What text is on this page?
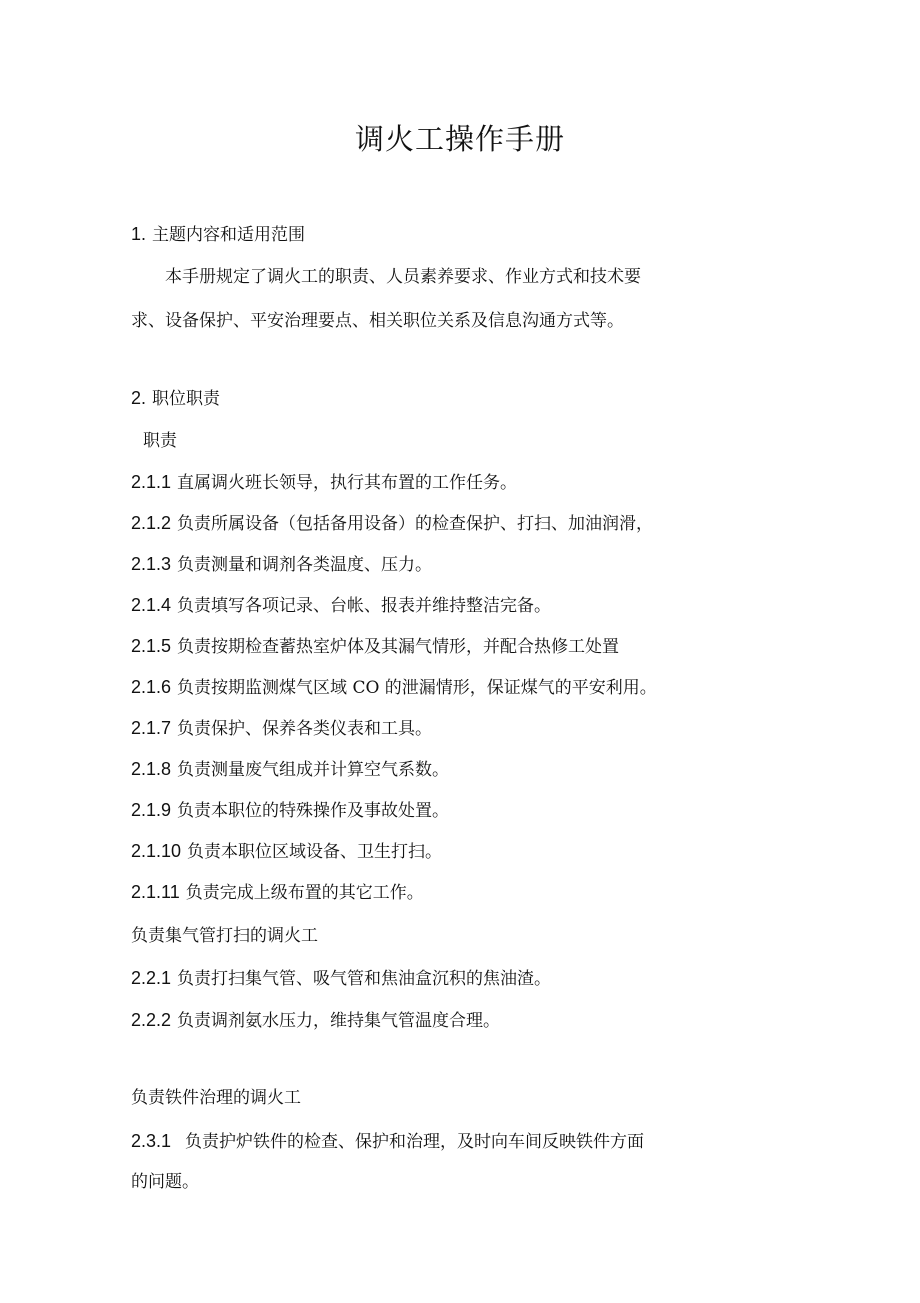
调火工操作手册
1. 主题内容和适用范围
本手册规定了调火工的职责、人员素养要求、作业方式和技术要
求、设备保护、平安治理要点、相关职位关系及信息沟通方式等。
2. 职位职责
职责
2.1.1 直属调火班长领导，执行其布置的工作任务。
2.1.2 负责所属设备（包括备用设备）的检查保护、打扫、加油润滑，
2.1.3 负责测量和调剂各类温度、压力。
2.1.4 负责填写各项记录、台帐、报表并维持整洁完备。
2.1.5 负责按期检查蓄热室炉体及其漏气情形，并配合热修工处置
2.1.6 负责按期监测煤气区域 CO 的泄漏情形，保证煤气的平安利用。
2.1.7 负责保护、保养各类仪表和工具。
2.1.8 负责测量废气组成并计算空气系数。
2.1.9 负责本职位的特殊操作及事故处置。
2.1.10 负责本职位区域设备、卫生打扫。
2.1.11 负责完成上级布置的其它工作。
负责集气管打扫的调火工
2.2.1 负责打扫集气管、吸气管和焦油盒沉积的焦油渣。
2.2.2 负责调剂氨水压力，维持集气管温度合理。
负责铁件治理的调火工
2.3.1 负责护炉铁件的检查、保护和治理，及时向车间反映铁件方面
的问题。
